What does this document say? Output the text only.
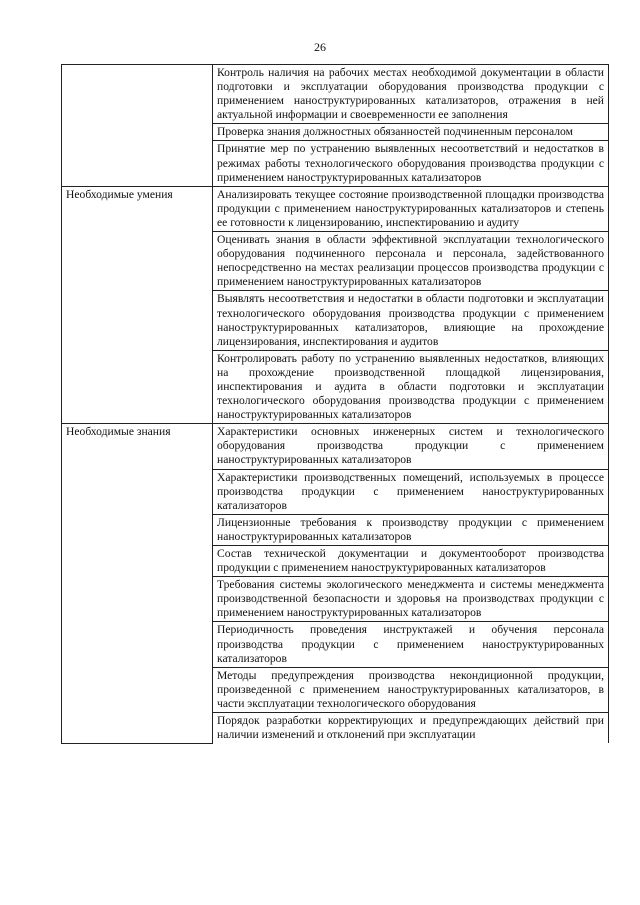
26
	Контроль наличия на рабочих местах необходимой документации в области подготовки и эксплуатации оборудования производства продукции с применением наноструктурированных катализаторов, отражения в ней актуальной информации и своевременности ее заполнения
	Проверка знания должностных обязанностей подчиненным персоналом
	Принятие мер по устранению выявленных несоответствий и недостатков в режимах работы технологического оборудования производства продукции с применением наноструктурированных катализаторов
Необходимые умения	Анализировать текущее состояние производственной площадки производства продукции с применением наноструктурированных катализаторов и степень ее готовности к лицензированию, инспектированию и аудиту
	Оценивать знания в области эффективной эксплуатации технологического оборудования подчиненного персонала и персонала, задействованного непосредственно на местах реализации процессов производства продукции с применением наноструктурированных катализаторов
	Выявлять несоответствия и недостатки в области подготовки и эксплуатации технологического оборудования производства продукции с применением наноструктурированных катализаторов, влияющие на прохождение лицензирования, инспектирования и аудитов
	Контролировать работу по устранению выявленных недостатков, влияющих на прохождение производственной площадкой лицензирования, инспектирования и аудита в области подготовки и эксплуатации технологического оборудования производства продукции с применением наноструктурированных катализаторов
Необходимые знания	Характеристики основных инженерных систем и технологического оборудования производства продукции с применением наноструктурированных катализаторов
	Характеристики производственных помещений, используемых в процессе производства продукции с применением наноструктурированных катализаторов
	Лицензионные требования к производству продукции с применением наноструктурированных катализаторов
	Состав технической документации и документооборот производства продукции с применением наноструктурированных катализаторов
	Требования системы экологического менеджмента и системы менеджмента производственной безопасности и здоровья на производствах продукции с применением наноструктурированных катализаторов
	Периодичность проведения инструктажей и обучения персонала производства продукции с применением наноструктурированных катализаторов
	Методы предупреждения производства некондиционной продукции, произведенной с применением наноструктурированных катализаторов, в части эксплуатации технологического оборудования
	Порядок разработки корректирующих и предупреждающих действий при наличии изменений и отклонений при эксплуатации
